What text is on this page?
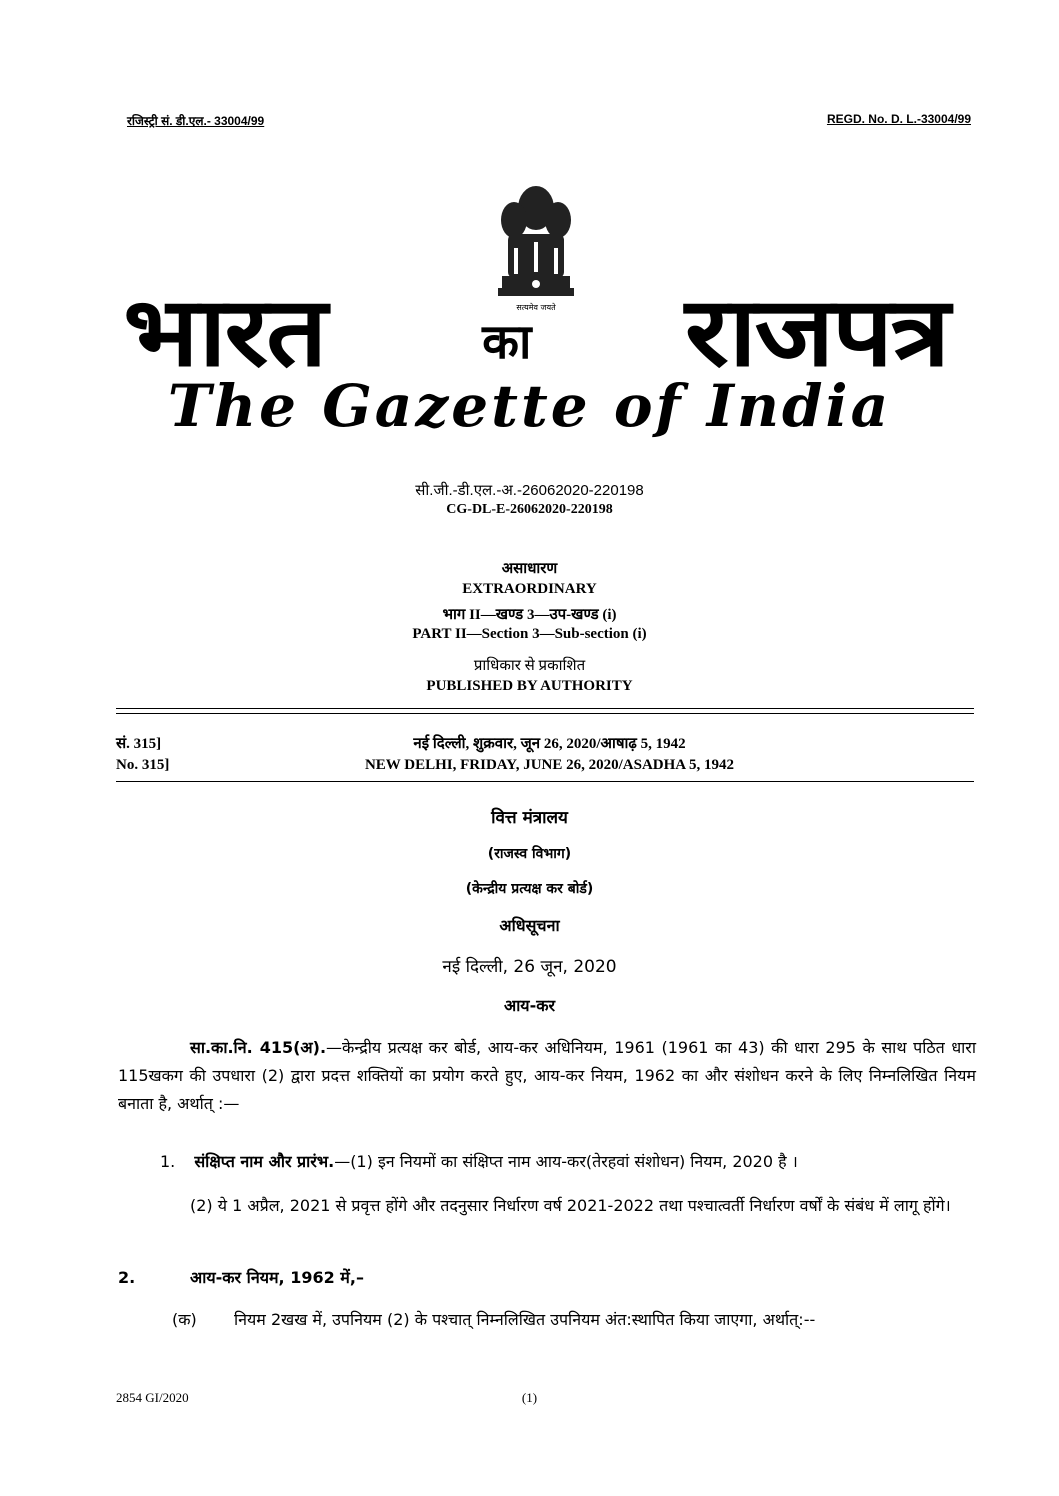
रजिस्ट्री सं. डी.एल.- 33004/99	REGD. No. D. L.-33004/99
सत्यमेव जयते
भारत	का राजपत्र
The Gazette of India
सी.जी.-डी.एल.-अ.-26062020-220198
CG-DL-E-26062020-220198
असाधारण
EXTRAORDINARY
भाग II—खण्ड 3—उप-खण्ड (i)
PART II—Section 3—Sub-section (i)
प्राधिकार से प्रकाशित
PUBLISHED BY AUTHORITY
सं. 315]	नई दिल्ली, शुक्रवार, जून 26, 2020/आषाढ़ 5, 1942
No. 315]	NEW DELHI, FRIDAY, JUNE 26, 2020/ASADHA 5, 1942
वित्त मंत्रालय
(राजस्व विभाग)
(केन्द्रीय प्रत्यक्ष कर बोर्ड)
अधिसूचना
नई दिल्ली, 26 जून, 2020
आय-कर
सा.का.नि. 415(अ).—केन्द्रीय प्रत्यक्ष कर बोर्ड, आय-कर अधिनियम, 1961 (1961 का 43) की धारा 295 के साथ पठित धारा 115खकग की उपधारा (2) द्वारा प्रदत्त शक्तियों का प्रयोग करते हुए, आय-कर नियम, 1962 का और संशोधन करने के लिए निम्नलिखित नियम बनाता है, अर्थात् :—
1. संक्षिप्त नाम और प्रारंभ.—(1) इन नियमों का संक्षिप्त नाम आय-कर(तेरहवां संशोधन) नियम, 2020 है ।
(2) ये 1 अप्रैल, 2021 से प्रवृत्त होंगे और तदनुसार निर्धारण वर्ष 2021-2022 तथा पश्चात्वर्ती निर्धारण वर्षों के संबंध में लागू होंगे।
2.	आय-कर नियम, 1962 में,–
(क) नियम 2खख में, उपनियम (2) के पश्चात् निम्नलिखित उपनियम अंत:स्थापित किया जाएगा, अर्थात्:--
2854 GI/2020	(1)
